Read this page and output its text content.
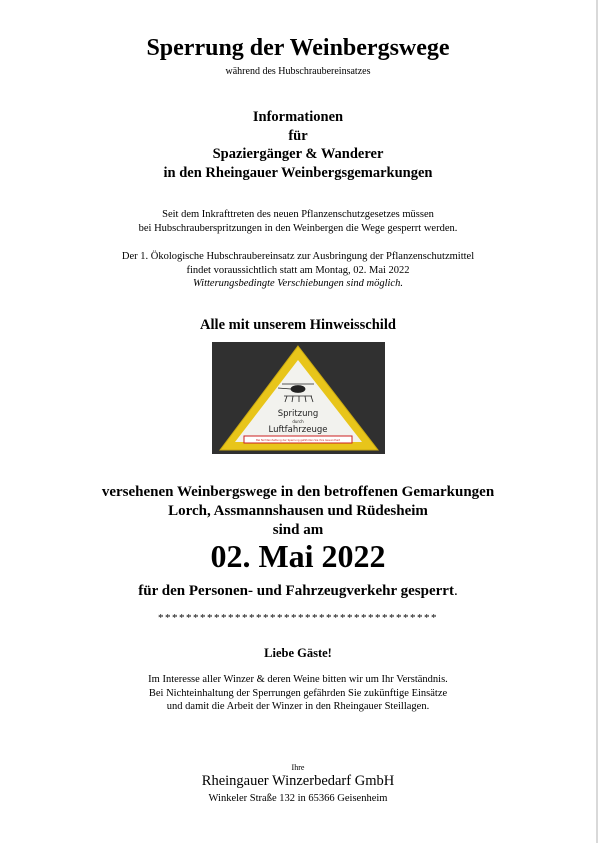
Sperrung der Weinbergswege
während des Hubschraubereinsatzes
Informationen
für
Spaziergänger & Wanderer
in den Rheingauer Weinbergsgemarkungen
Seit dem Inkrafttreten des neuen Pflanzenschutzgesetzes müssen
bei Hubschrauberspritzungen in den Weinbergen die Wege gesperrt werden.
Der 1. Ökologische Hubschraubereinsatz zur Ausbringung der Pflanzenschutzmittel
findet voraussichtlich statt am Montag, 02. Mai 2022
Witterungsbedingte Verschiebungen sind möglich.
Alle mit unserem Hinweisschild
Spritzung
durch
Luftfahrzeuge
Bei Nichteinhaltung der Sperrung gefährden Sie Ihre Gesundheit
versehenen Weinbergswege in den betroffenen Gemarkungen
Lorch, Assmannshausen und Rüdesheim
sind am
02. Mai 2022
für den Personen- und Fahrzeugverkehr gesperrt.
****************************************
Liebe Gäste!
Im Interesse aller Winzer & deren Weine bitten wir um Ihr Verständnis.
Bei Nichteinhaltung der Sperrungen gefährden Sie zukünftige Einsätze
und damit die Arbeit der Winzer in den Rheingauer Steillagen.
Ihre
Rheingauer Winzerbedarf GmbH
Winkeler Straße 132 in 65366 Geisenheim
